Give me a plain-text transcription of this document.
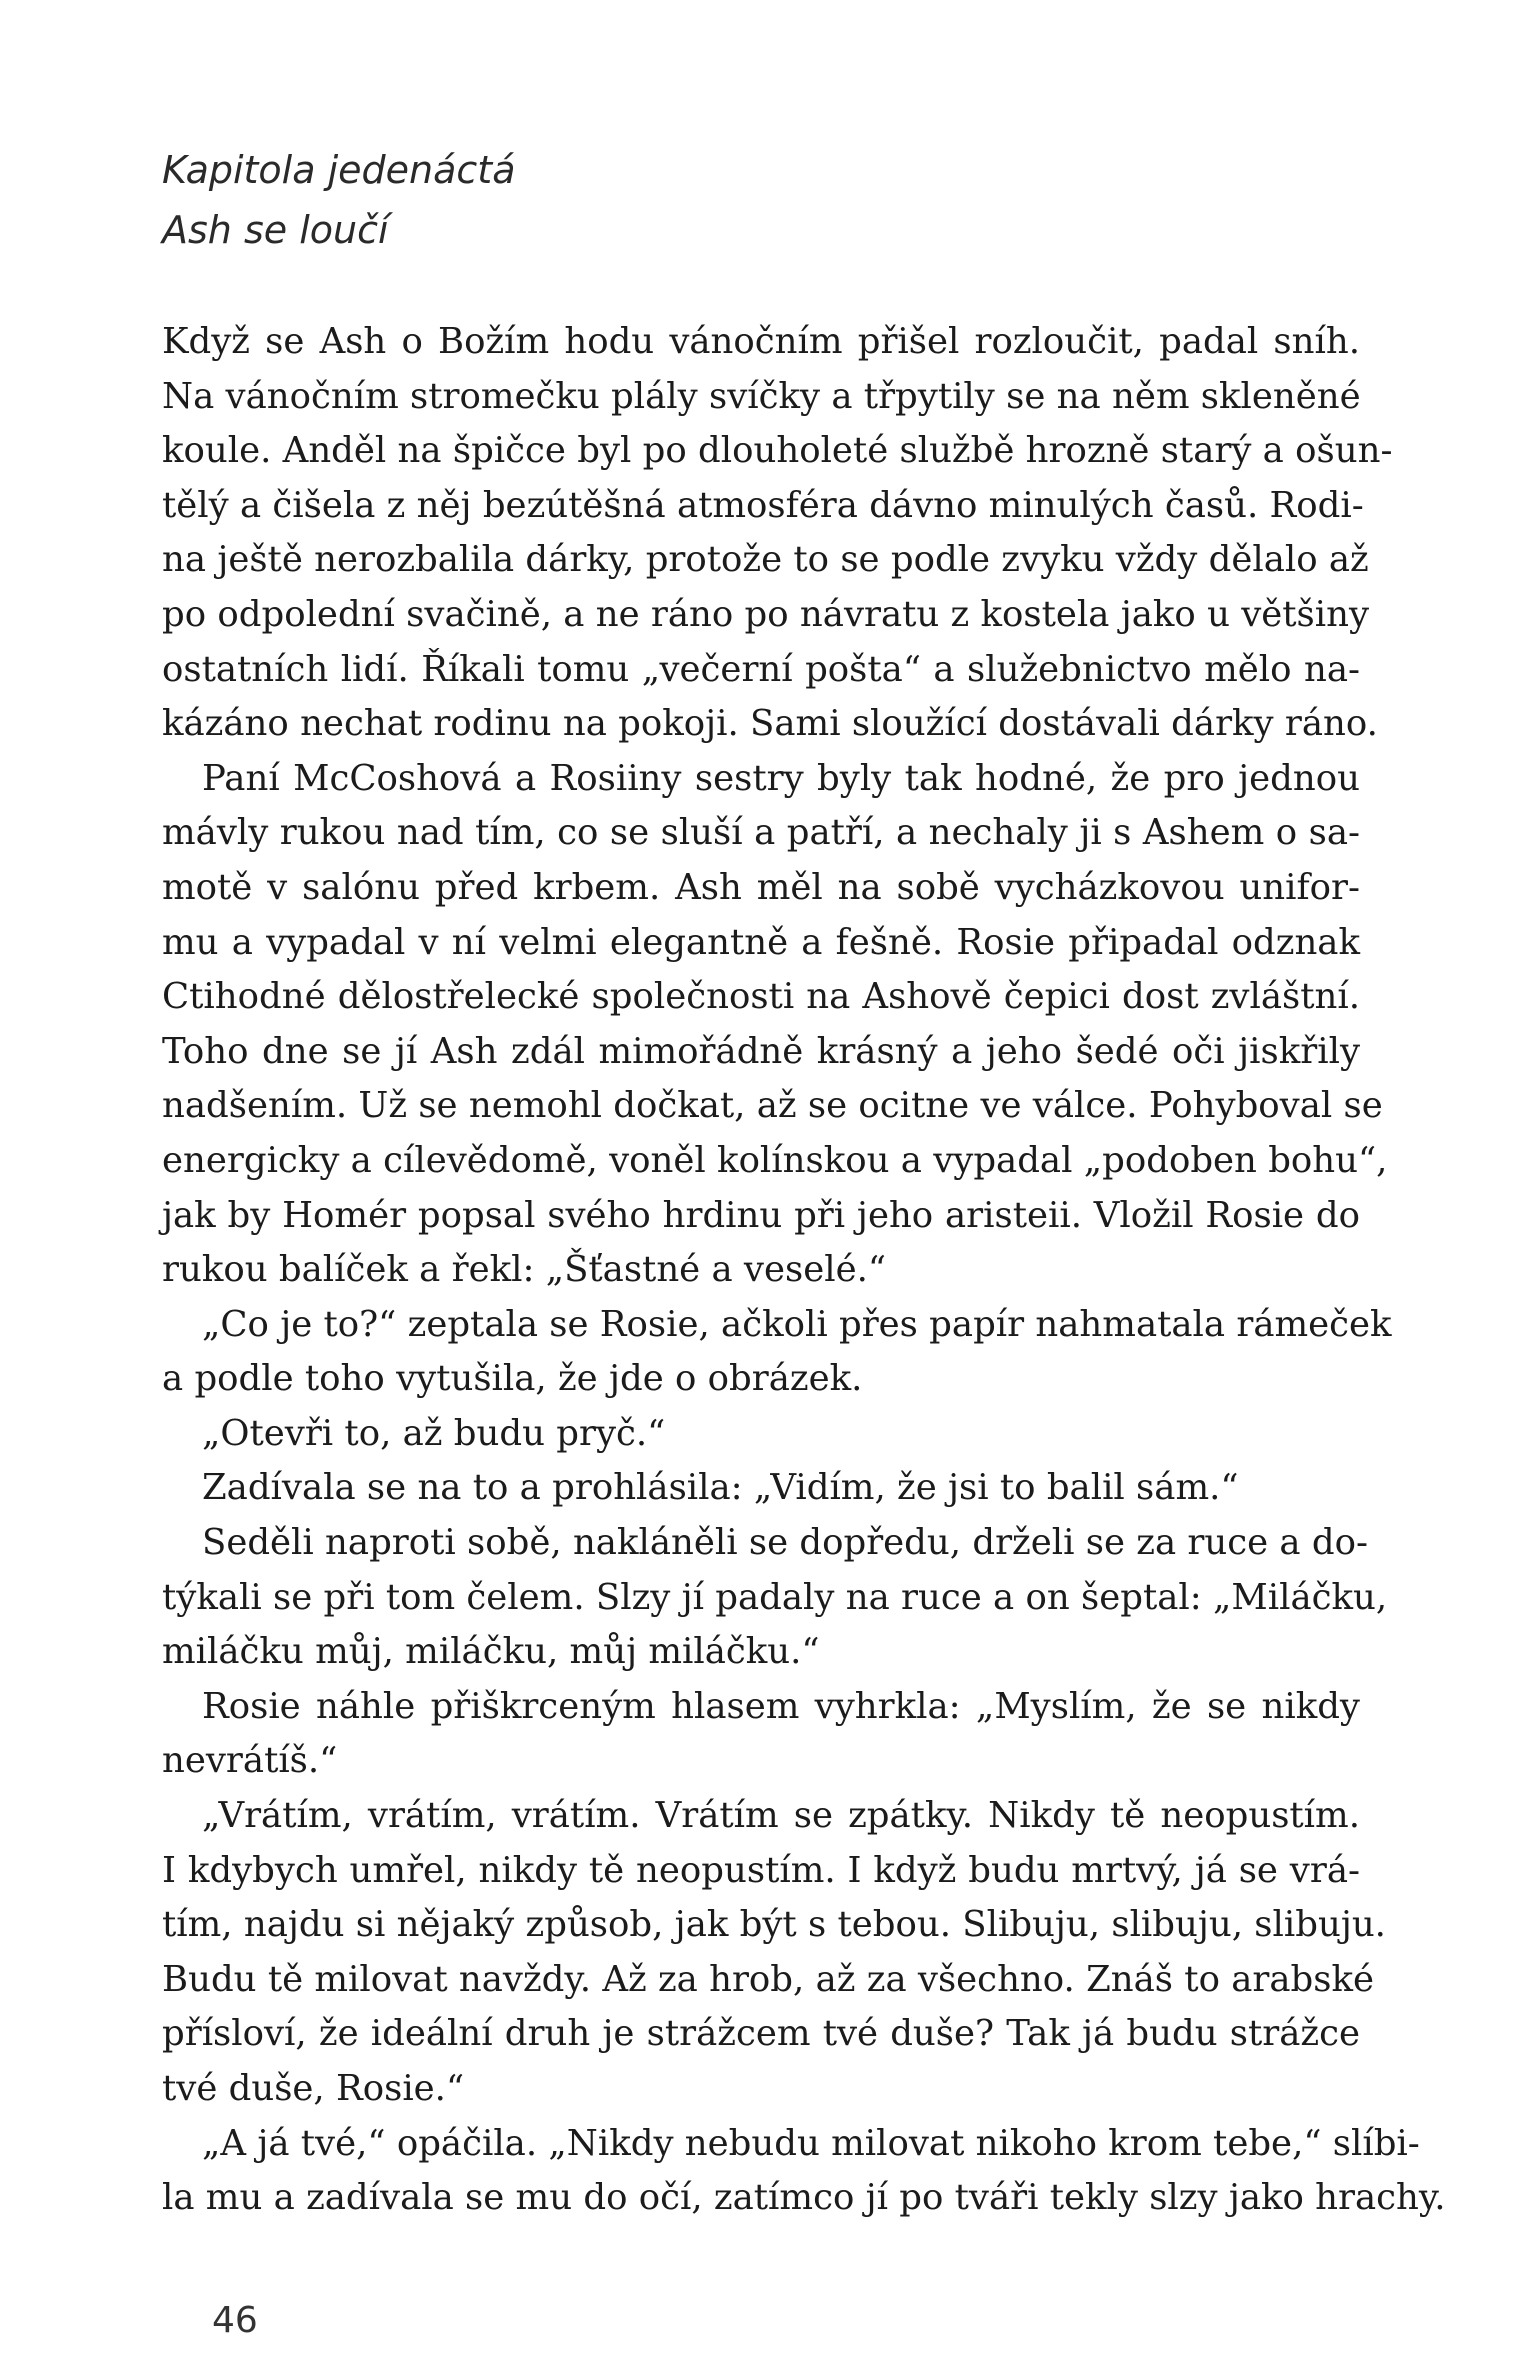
Kapitola jedenáctá
Ash se loučí
Když se Ash o Božím hodu vánočním přišel rozloučit, padal sníh.
Na vánočním stromečku plály svíčky a třpytily se na něm skleněné
koule. Anděl na špičce byl po dlouholeté službě hrozně starý a ošun-
tělý a čišela z něj bezútěšná atmosféra dávno minulých časů. Rodi-
na ještě nerozbalila dárky, protože to se podle zvyku vždy dělalo až
po odpolední svačině, a ne ráno po návratu z kostela jako u většiny
ostatních lidí. Říkali tomu „večerní pošta“ a služebnictvo mělo na-
kázáno nechat rodinu na pokoji. Sami sloužící dostávali dárky ráno.
Paní McCoshová a Rosiiny sestry byly tak hodné, že pro jednou
mávly rukou nad tím, co se sluší a patří, a nechaly ji s Ashem o sa-
motě v salónu před krbem. Ash měl na sobě vycházkovou unifor-
mu a vypadal v ní velmi elegantně a fešně. Rosie připadal odznak
Ctihodné dělostřelecké společnosti na Ashově čepici dost zvláštní.
Toho dne se jí Ash zdál mimořádně krásný a jeho šedé oči jiskřily
nadšením. Už se nemohl dočkat, až se ocitne ve válce. Pohyboval se
energicky a cílevědomě, voněl kolínskou a vypadal „podoben bohu“,
jak by Homér popsal svého hrdinu při jeho aristeii. Vložil Rosie do
rukou balíček a řekl: „Šťastné a veselé.“
„Co je to?“ zeptala se Rosie, ačkoli přes papír nahmatala rámeček
a podle toho vytušila, že jde o obrázek.
„Otevři to, až budu pryč.“
Zadívala se na to a prohlásila: „Vidím, že jsi to balil sám.“
Seděli naproti sobě, nakláněli se dopředu, drželi se za ruce a do-
týkali se při tom čelem. Slzy jí padaly na ruce a on šeptal: „Miláčku,
miláčku můj, miláčku, můj miláčku.“
Rosie náhle přiškrceným hlasem vyhrkla: „Myslím, že se nikdy
nevrátíš.“
„Vrátím, vrátím, vrátím. Vrátím se zpátky. Nikdy tě neopustím.
I kdybych umřel, nikdy tě neopustím. I když budu mrtvý, já se vrá-
tím, najdu si nějaký způsob, jak být s tebou. Slibuju, slibuju, slibuju.
Budu tě milovat navždy. Až za hrob, až za všechno. Znáš to arabské
přísloví, že ideální druh je strážcem tvé duše? Tak já budu strážce
tvé duše, Rosie.“
„A já tvé,“ opáčila. „Nikdy nebudu milovat nikoho krom tebe,“ slíbi-
la mu a zadívala se mu do očí, zatímco jí po tváři tekly slzy jako hrachy.
46
